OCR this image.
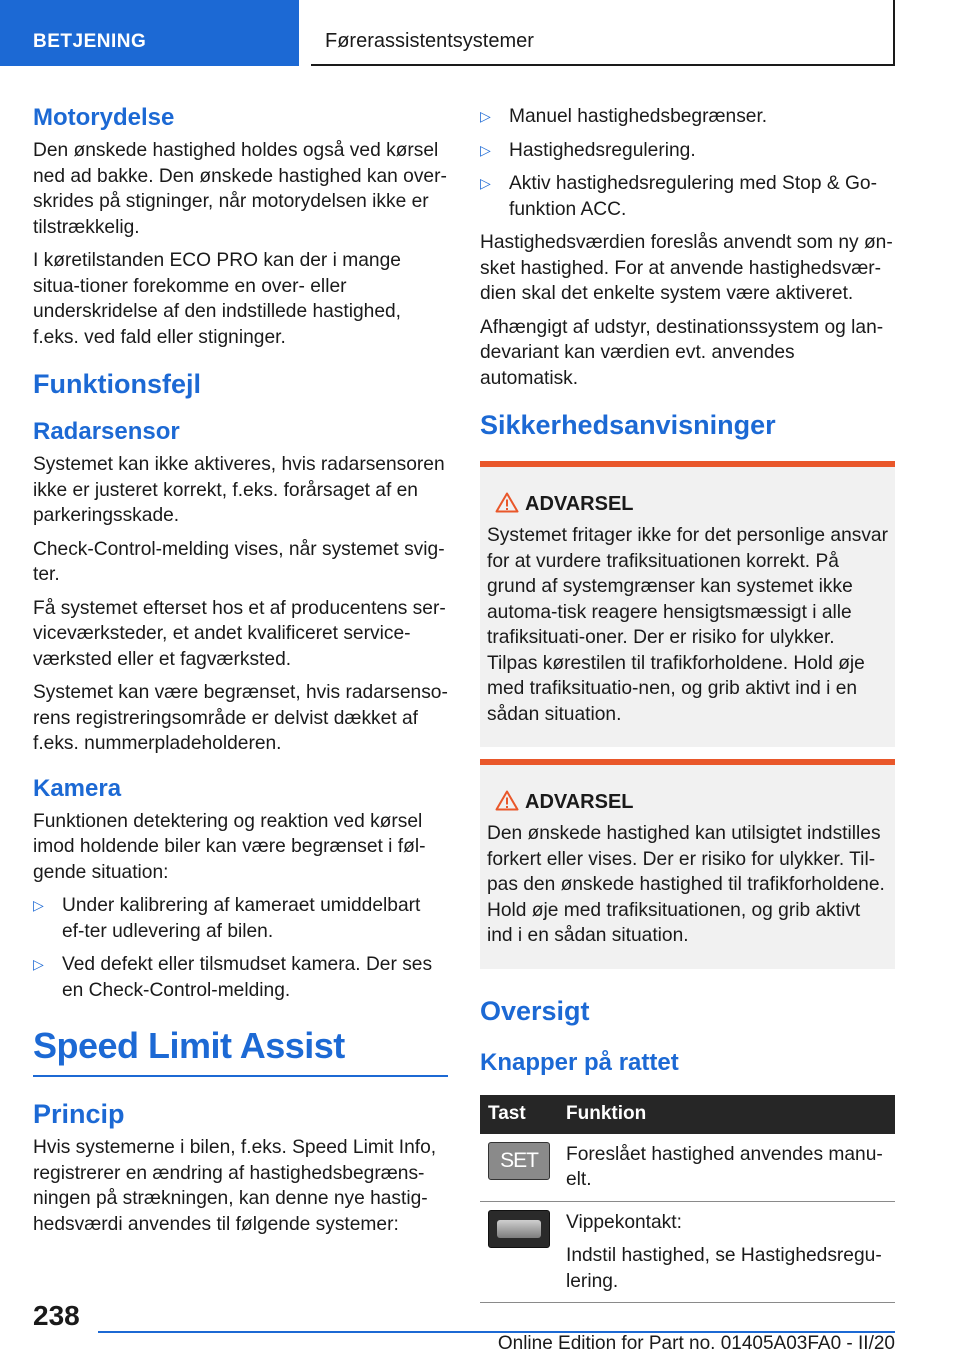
BETJENING	Førerassistentsystemer
Motorydelse

Den ønskede hastighed holdes også ved kørsel ned ad bakke. Den ønskede hastighed kan over-skrides på stigninger, når motorydelsen ikke er tilstrækkelig.

I køretilstanden ECO PRO kan der i mange situa-tioner forekomme en over- eller underskridelse af den indstillede hastighed, f.eks. ved fald eller stigninger.

Funktionsfejl
Radarsensor

Systemet kan ikke aktiveres, hvis radarsensoren ikke er justeret korrekt, f.eks. forårsaget af en parkeringsskade.

Check-Control-melding vises, når systemet svig-ter.

Få systemet efterset hos et af producentens ser-viceværksteder, et andet kvalificeret service-værksted eller et fagværksted.

Systemet kan være begrænset, hvis radarsenso-rens registreringsområde er delvist dækket af f.eks. nummerpladeholderen.

Kamera

Funktionen detektering og reaktion ved kørsel imod holdende biler kan være begrænset i føl-gende situation:

▷ Under kalibrering af kameraet umiddelbart ef-ter udlevering af bilen.
▷ Ved defekt eller tilsmudset kamera. Der ses en Check-Control-melding.
Speed Limit Assist
Princip

Hvis systemerne i bilen, f.eks. Speed Limit Info, registrerer en ændring af hastighedsbegræns-ningen på strækningen, kan denne nye hastig-hedsværdi anvendes til følgende systemer:

▷ Manuel hastighedsbegrænser.
▷ Hastighedsregulering.
▷ Aktiv hastighedsregulering med Stop & Go-funktion ACC.

Hastighedsværdien foreslås anvendt som ny øn-sket hastighed. For at anvende hastighedsvær-dien skal det enkelte system være aktiveret.

Afhængigt af udstyr, destinationssystem og lan-devariant kan værdien evt. anvendes automatisk.

Sikkerhedsanvisninger
ADVARSEL

Systemet fritager ikke for det personlige ansvar for at vurdere trafiksituationen korrekt. På grund af systemgrænser kan systemet ikke automa-tisk reagere hensigtsmæssigt i alle trafiksituati-oner. Der er risiko for ulykker. Tilpas kørestilen til trafikforholdene. Hold øje med trafiksituatio-nen, og grib aktivt ind i en sådan situation.

ADVARSEL

Den ønskede hastighed kan utilsigtet indstilles forkert eller vises. Der er risiko for ulykker. Til-pas den ønskede hastighed til trafikforholdene. Hold øje med trafiksituationen, og grib aktivt ind i en sådan situation.

Oversigt
Knapper på rattet
Tast	Funktion

SET	Foreslået hastighed anvendes manu-elt.

	Vippekontakt:

Indstil hastighed, se Hastighedsregu-lering.

238
Online Edition for Part no. 01405A03FA0 - II/20
